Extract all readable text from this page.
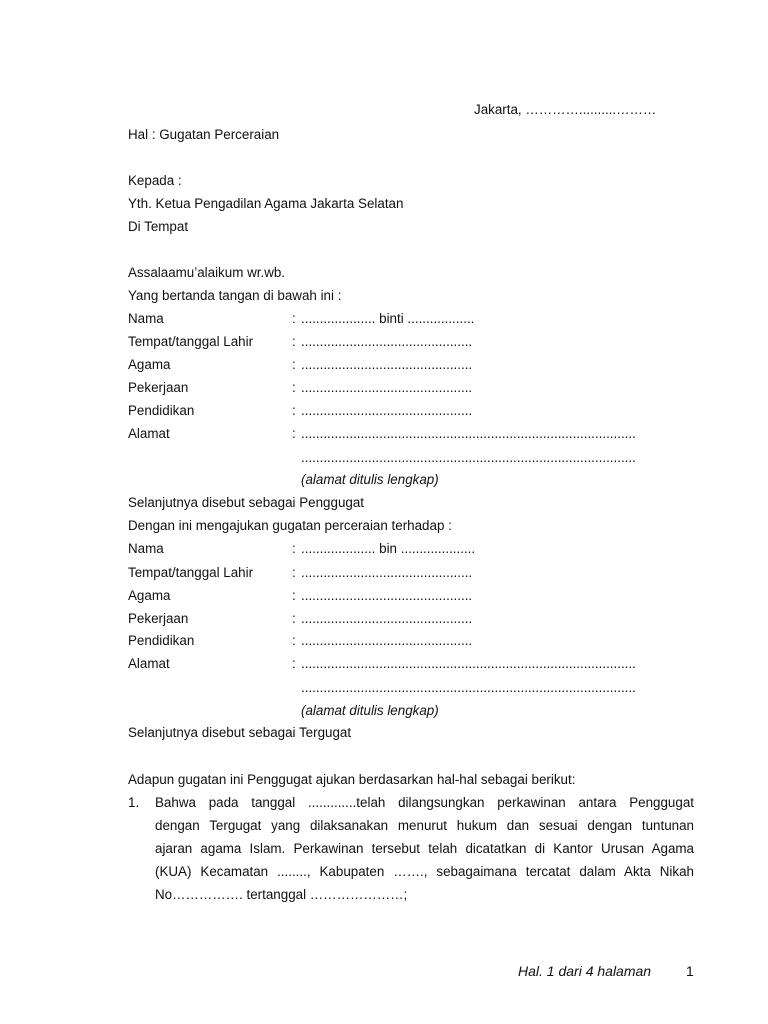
Jakarta, …………..........………
Hal : Gugatan Perceraian
Kepada :
Yth. Ketua Pengadilan Agama Jakarta Selatan
Di Tempat
Assalaamu’alaikum wr.wb.
Yang bertanda tangan di bawah ini :
Nama	: .................... binti ..................
Tempat/tanggal Lahir	: ..............................................
Agama	: ..............................................
Pekerjaan	: ..............................................
Pendidikan	: ..............................................
Alamat	: ..........................................................................................
..........................................................................................
(alamat ditulis lengkap)
Selanjutnya disebut sebagai Penggugat
Dengan ini mengajukan gugatan perceraian terhadap :
Nama	: .................... bin ....................
Tempat/tanggal Lahir	: ..............................................
Agama	: ..............................................
Pekerjaan	: ..............................................
Pendidikan	: ..............................................
Alamat	: ..........................................................................................
..........................................................................................
(alamat ditulis lengkap)
Selanjutnya disebut sebagai Tergugat
Adapun gugatan ini Penggugat ajukan berdasarkan hal-hal sebagai berikut:
1. Bahwa pada tanggal .............telah dilangsungkan perkawinan antara Penggugat
dengan Tergugat yang dilaksanakan menurut hukum dan sesuai dengan tuntunan
ajaran agama Islam. Perkawinan tersebut telah dicatatkan di Kantor Urusan Agama
(KUA) Kecamatan ........, Kabupaten ……., sebagaimana tercatat dalam Akta Nikah
No……………. tertanggal …………………;
Hal. 1 dari 4 halaman 1
